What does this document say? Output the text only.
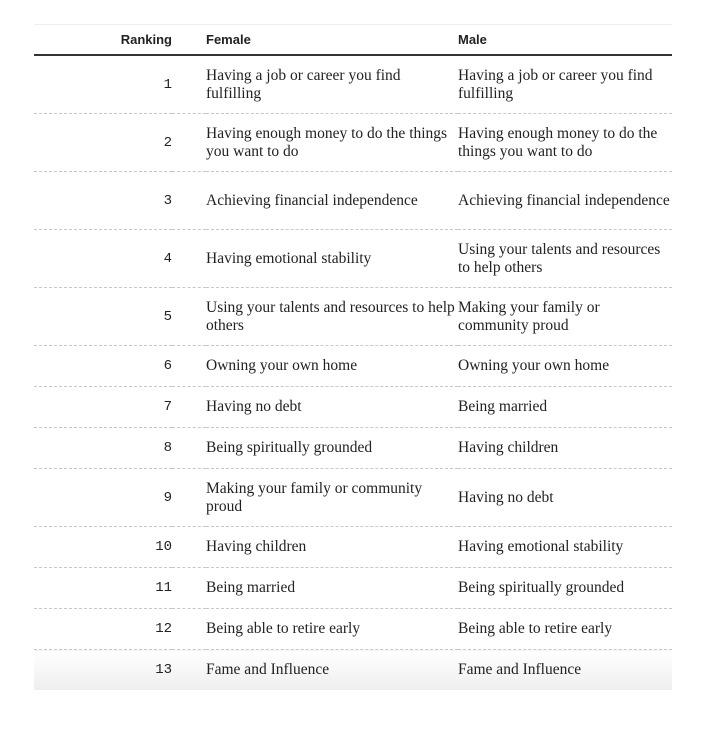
Ranking		Female	Male
1		Having a job or career you find fulfilling	Having a job or career you find fulfilling
2		Having enough money to do the things you want to do	Having enough money to do the things you want to do
3		Achieving financial independence	Achieving financial independence
4		Having emotional stability	Using your talents and resources to help others
5		Using your talents and resources to help others	Making your family or community proud
6		Owning your own home	Owning your own home
7		Having no debt	Being married
8		Being spiritually grounded	Having children
9		Making your family or community proud	Having no debt
10		Having children	Having emotional stability
11		Being married	Being spiritually grounded
12		Being able to retire early	Being able to retire early
13		Fame and Influence	Fame and Influence
